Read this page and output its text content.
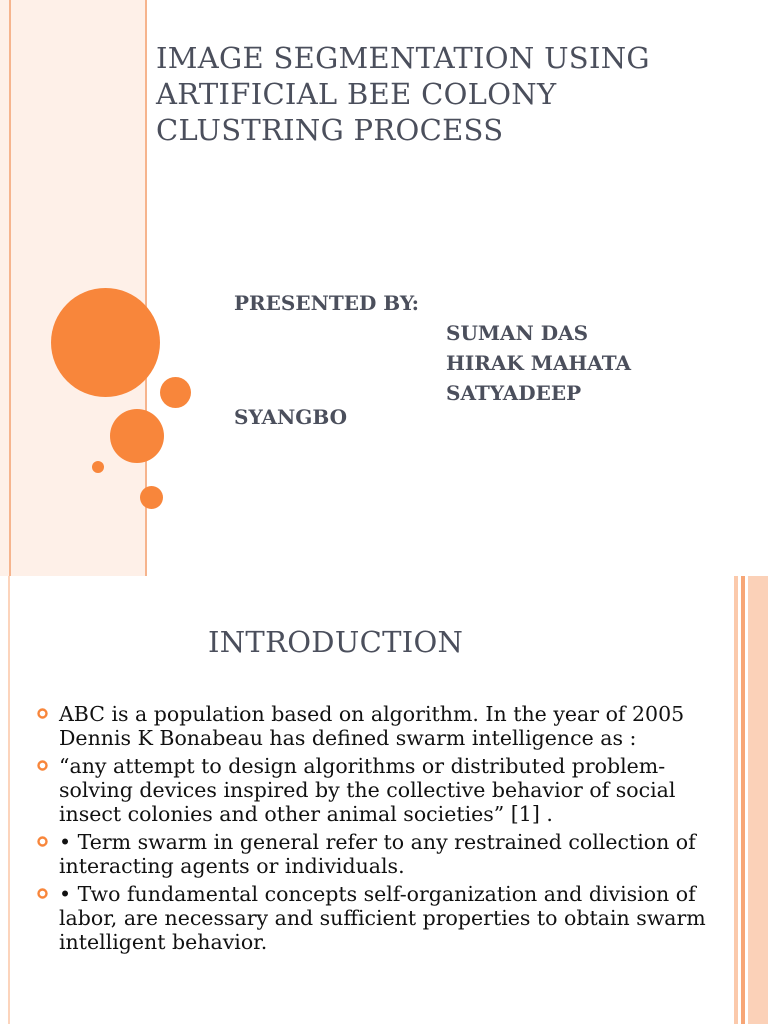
IMAGE SEGMENTATION USING ARTIFICIAL BEE COLONY CLUSTRING PROCESS
PRESENTED BY:
SUMAN DAS
HIRAK MAHATA
SATYADEEP
SYANGBO
INTRODUCTION
ABC is a population based on algorithm. In the year of 2005 Dennis K Bonabeau has defined swarm intelligence as :
“any attempt to design algorithms or distributed problem-solving devices inspired by the collective behavior of social insect colonies and other animal societies” [1] .
• Term swarm in general refer to any restrained collection of interacting agents or individuals.
• Two fundamental concepts self-organization and division of labor, are necessary and sufficient properties to obtain swarm intelligent behavior.
